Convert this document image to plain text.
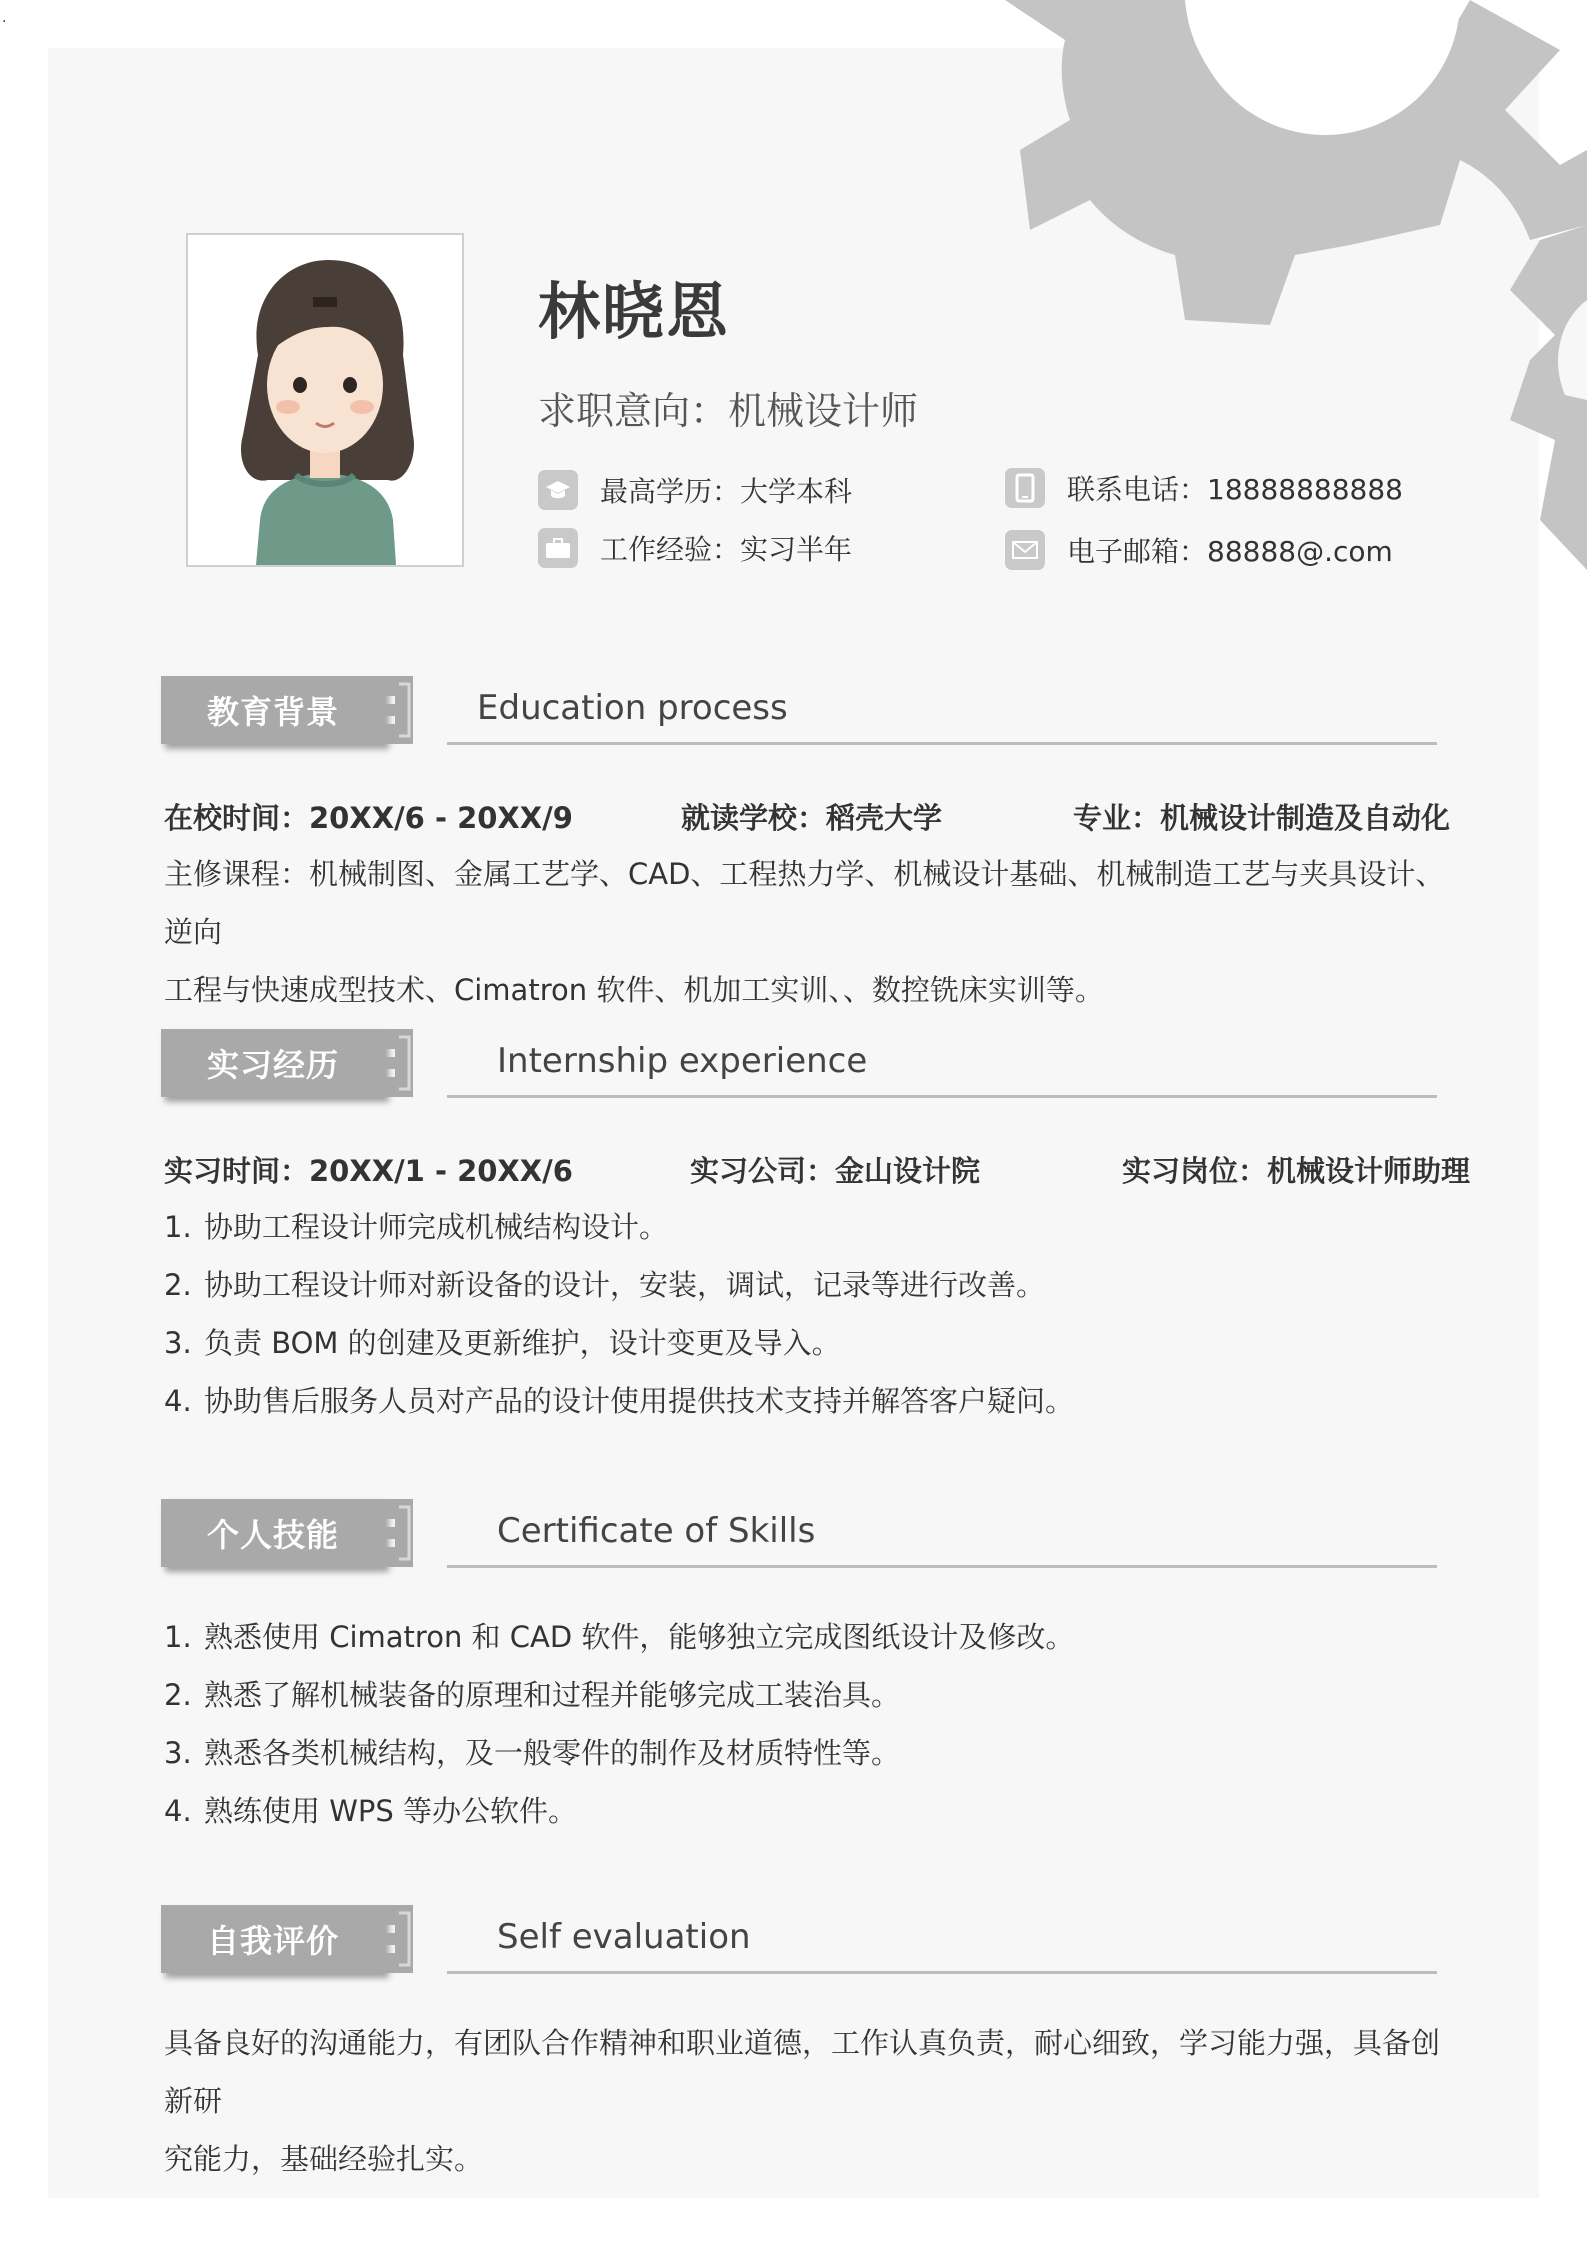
.
林晓恩
求职意向：机械设计师
最高学历：大学本科	联系电话：18888888888
工作经验：实习半年	电子邮箱：88888@.com
教育背景	Education process
在校时间：20XX/6 - 20XX/9	就读学校：稻壳大学	专业：机械设计制造及自动化
主修课程：机械制图、金属工艺学、CAD、工程热力学、机械设计基础、机械制造工艺与夹具设计、逆向
工程与快速成型技术、Cimatron 软件、机加工实训、、数控铣床实训等。
实习经历	Internship experience
实习时间：20XX/1 - 20XX/6	实习公司：金山设计院	实习岗位：机械设计师助理
1. 协助工程设计师完成机械结构设计。
2. 协助工程设计师对新设备的设计，安装，调试，记录等进行改善。
3. 负责 BOM 的创建及更新维护，设计变更及导入。
4. 协助售后服务人员对产品的设计使用提供技术支持并解答客户疑问。
个人技能	Certificate of Skills
1. 熟悉使用 Cimatron 和 CAD 软件，能够独立完成图纸设计及修改。
2. 熟悉了解机械装备的原理和过程并能够完成工装治具。
3. 熟悉各类机械结构，及一般零件的制作及材质特性等。
4. 熟练使用 WPS 等办公软件。
自我评价	Self evaluation
具备良好的沟通能力，有团队合作精神和职业道德，工作认真负责，耐心细致，学习能力强，具备创新研
究能力，基础经验扎实。
